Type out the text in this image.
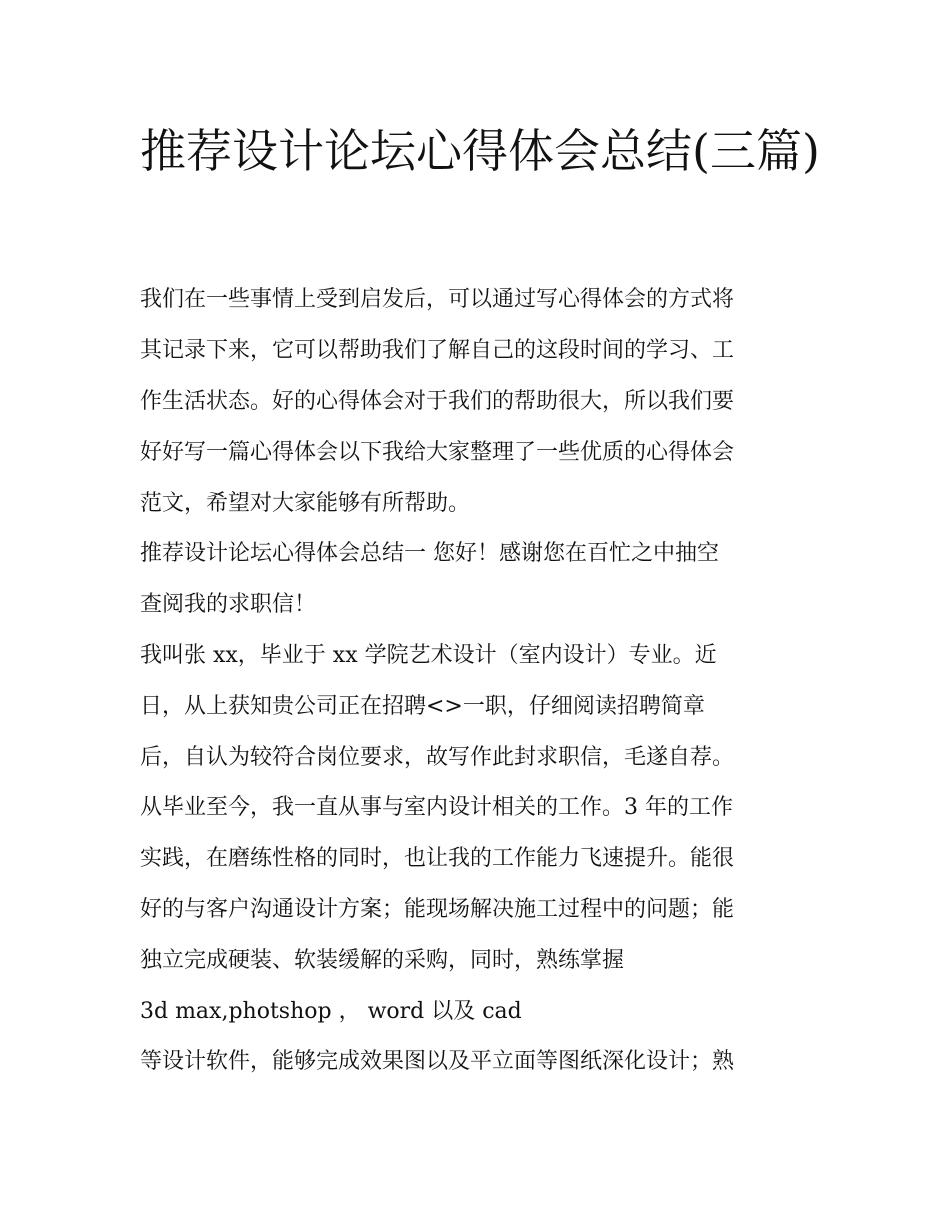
推荐设计论坛心得体会总结(三篇)

我们在一些事情上受到启发后，可以通过写心得体会的方式将

其记录下来，它可以帮助我们了解自己的这段时间的学习、工

作生活状态。好的心得体会对于我们的帮助很大，所以我们要

好好写一篇心得体会以下我给大家整理了一些优质的心得体会

范文，希望对大家能够有所帮助。

推荐设计论坛心得体会总结一 您好！感谢您在百忙之中抽空

查阅我的求职信！

我叫张 xx，毕业于 xx 学院艺术设计（室内设计）专业。近

日，从上获知贵公司正在招聘<>一职，仔细阅读招聘简章

后，自认为较符合岗位要求，故写作此封求职信，毛遂自荐。

从毕业至今，我一直从事与室内设计相关的工作。3 年的工作

实践，在磨练性格的同时，也让我的工作能力飞速提升。能很

好的与客户沟通设计方案；能现场解决施工过程中的问题；能

独立完成硬装、软装缓解的采购，同时，熟练掌握

3d max,photshop ， word 以及 cad

等设计软件，能够完成效果图以及平立面等图纸深化设计；熟
